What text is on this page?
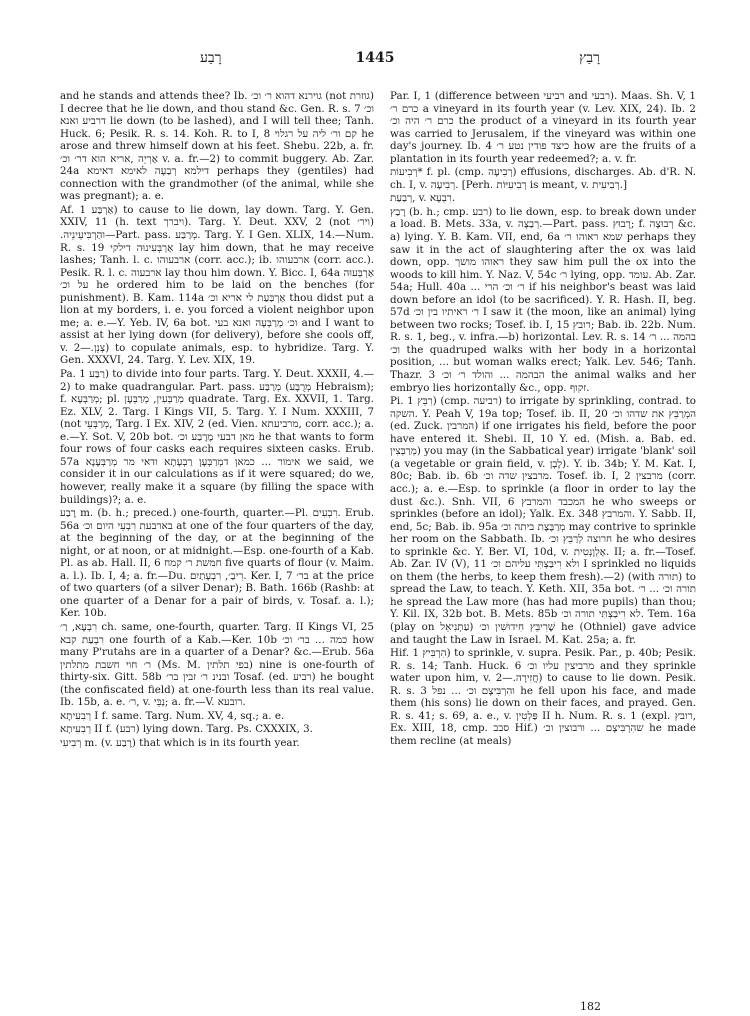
רָבַע	1445	רָבַץ

and he stands and attends thee? Ib. גוירנא דהוא ר׳ וכ׳ (not גוזרת) I decree that he lie down, and thou stand &c. Gen. R. s. 7 וכ׳ דרביע ואנא lie down (to be lashed), and I will tell thee; Tanh. Huck. 6; Pesik. R. s. 14. Koh. R. to I, 8 קם ור׳ ליה על רגלוי he arose and threw himself down at his feet. Shebu. 22b, a. fr. אַרְיֵה ,אריא הוא דר׳ וכ׳ v. a. fr.—2) to commit buggery. Ab. Zar. 24a דילמא רְבַעָה לאימא דאימא perhaps they (gentiles) had connection with the grandmother (of the animal, while she was pregnant); a. e.

Af. אַרְבַּע 1) to cause to lie down, lay down. Targ. Y. Gen. XXIV, 11 (h. text ויברך). Targ. Y. Deut. XXV, 2 (not ויר׳) .והַרְבִּיעֵינֵיה—Part. pass. מְרַבַּע. Targ. Y. I Gen. XLIX, 14.—Num. R. s. 19 אַרְבְּעִינוּה דילקי lay him down, that he may receive lashes; Tanh. l. c. ארבעוהו (corr. acc.); ib. ארבעוהו (corr. acc.). Pesik. R. l. c. ארבעוה lay thou him down. Y. Bicc. I, 64a אַרְבְּעוּה על וכ׳ he ordered him to be laid on the benches (for punishment). B. Kam. 114a אַרְבַּעַת לי אריא וכ׳ thou didst put a lion at my borders, i. e. you forced a violent neighbor upon me; a. e.—Y. Yeb. IV, 6a bot. וכ׳ מְרַבְּעָה ואנא בעי and I want to assist at her lying down (for delivery), before she cools off, v. צְנֵן.—2) to copulate animals, esp. to hybridize. Targ. Y. Gen. XXXVI, 24. Targ. Y. Lev. XIX, 19.

Pa. רַבַּע 1) to divide into four parts. Targ. Y. Deut. XXXII, 4.—2) to make quadrangular. Part. pass. מְרַבַּע (מְרֻבָּע Hebraism); f. מְרַבְּעָא; pl. מְרַבְּעִין, מְרַבְּעָן quadrate. Targ. Ex. XXVII, 1. Targ. Ez. XLV, 2. Targ. I Kings VII, 5. Targ. Y. I Num. XXXIII, 7 (not מְרַבְּעֵי, Targ. I Ex. XIV, 2 (ed. Vien. מרביעתא, corr. acc.); a. e.—Y. Sot. V, 20b bot. מאן דבעי מֶרֶבַע וכ׳ he that wants to form four rows of four casks each requires sixteen casks. Erub. 57a אימור ... כמאן דמְרַבְּעָן רַבְעָתָא ודאי מר מְרַבְּעָנָא we said, we consider it in our calculations as if it were squared; do we, however, really make it a square (by filling the space with buildings)?; a. e.

רֶבַע m. (b. h.; preced.) one-fourth, quarter.—Pl. רִבְעִים. Erub. 56a בארבעת רִבְעֵי היום וכ׳ at one of the four quarters of the day, at the beginning of the day, or at the beginning of the night, or at noon, or at midnight.—Esp. one-fourth of a Kab. Pl. as ab. Hall. II, 6 חמשת ר׳ קמח five quarts of flour (v. Maim. a. l.). Ib. I, 4; a. fr.—Du. רִיבַ׳, רִבְעָתַיִם. Ker. I, 7 בר׳ at the price of two quarters (of a silver Denar); B. Bath. 166b (Rashb: at one quarter of a Denar for a pair of birds, v. Tosaf. a. l.); Ker. 10b.

רִבְעָא, רַ׳ ch. same, one-fourth, quarter. Targ. II Kings VI, 25 רִבְעַת קבא one fourth of a Kab.—Ker. 10b כמה ... בר׳ וכ׳ how many P'rutahs are in a quarter of a Denar? &c.—Erub. 56a ר׳ חוי חשבת מתלתין (Ms. M. בפי תלתין) nine is one-fourth of thirty-six. Gitt. 58b ובנינ ר׳ זבין בר׳ Tosaf. (ed. רביע) he bought (the confiscated field) at one-fourth less than its real value. Ib. 15b, a. e. ר׳, v. נְבֵּי; a. fr.—V. רובעא.

רְבִעִיתָא I f. same. Targ. Num. XV, 4, sq.; a. e.

רְבִעִיתָא II f. (רבע) lying down. Targ. Ps. CXXXIX, 3.

רְבִיעִי m. (v. רָבַע) that which is in its fourth year.

Par. I, 1 (difference between רביעי and רבעי). Maas. Sh. V, 1 כרם ר׳ a vineyard in its fourth year (v. Lev. XIX, 24). Ib. 2 כרם ר׳ היה וכ׳ the product of a vineyard in its fourth year was carried to Jerusalem, if the vineyard was within one day's journey. Ib. 4 כיצד פודין נטע ר׳ how are the fruits of a plantation in its fourth year redeemed?; a. v. fr.

רְבִיעוֹת* f. pl. (cmp. רְבִיעָה) effusions, discharges. Ab. d'R. N. ch. I, v. רְבִיעָה. [Perh. רְבִיעִיּוֹת is meant, v. רְבִיעִית.]

רְבַעַת, v. רִבְעָא.

רָבַץ (b. h.; cmp. רבע) to lie down, esp. to break down under a load. B. Mets. 33a, v. רְבַצָה.—Part. pass. רָבוּץ; f. רְבוּצָה &c. a) lying. Y. B. Kam. VII, end, 6a שמא ראוהו ר׳ perhaps they saw it in the act of slaughtering after the ox was laid down, opp. ראוהו מושך they saw him pull the ox into the woods to kill him. Y. Naz. V, 54c ר׳ lying, opp. עומד. Ab. Zar. 54a; Hull. 40a ... ר׳ וכ׳ הרי if his neighbor's beast was laid down before an idol (to be sacrificed). Y. R. Hash. II, beg. 57d ר׳ ראיתיו בין וכ׳ I saw it (the moon, like an animal) lying between two rocks; Tosef. ib. I, 15 רובץ; Bab. ib. 22b. Num. R. s. 1, beg., v. infra.—b) horizontal. Lev. R. s. 14 בהמה ... ר׳ וכ׳ the quadruped walks with her body in a horizontal position, ... but woman walks erect; Yalk. Lev. 546; Tanh. Thazr. 3 הבהמה ... והולד ר׳ וכ׳ the animal walks and her embryo lies horizontally &c., opp. זקוף.

Pi. רִבֵּץ 1) (cmp. רביעה) to irrigate by sprinkling, contrad. to השקה. Y. Peah V, 19a top; Tosef. ib. II, 20 המְרַבֵּץ את שדהו וכ׳ (ed. Zuck. המרבין) if one irrigates his field, before the poor have entered it. Shebi. II, 10 Y. ed. (Mish. a. Bab. ed. מְרַבְּצִין) you may (in the Sabbatical year) irrigate 'blank' soil (a vegetable or grain field, v. לָבָן). Y. ib. 34b; Y. M. Kat. I, 80c; Bab. ib. 6b מרבצין שדה וכ׳. Tosef. ib. I, 2 מרבצין (corr. acc.); a. e.—Esp. to sprinkle (a floor in order to lay the dust &c.). Snh. VII, 6 המכבד והמרבץ he who sweeps or sprinkles (before an idol); Yalk. Ex. 348 והמרבץ. Y. Sabb. II, end, 5c; Bab. ib. 95a מְרַבֶּצֶת ביתה וכ׳ may contrive to sprinkle her room on the Sabbath. Ib. חרוצה לְרַבֵּץ וכ׳ he who desires to sprinkle &c. Y. Ber. VI, 10d, v. אַלְוָנְטִית. II; a. fr.—Tosef. Ab. Zar. IV (V), 11 ולא רִיבַּצְתִּי עליהם וכ׳ I sprinkled no liquids on them (the herbs, to keep them fresh).—2) (with תורה) to spread the Law, to teach. Y. Keth. XII, 35a bot. תורה וכ׳ ... ר׳ he spread the Law more (has had more pupils) than thou; Y. Kil. IX, 32b bot. B. Mets. 85b לא רִיבַּצְתִּי תורה וכ׳. Tem. 16a (play on עַתְנִיאֵל) שֶׁרִיבֵּץ חִידוּשִׁין וכ׳ he (Othniel) gave advice and taught the Law in Israel. M. Kat. 25a; a. fr.

Hif. הִרְבִּיץ 1) to sprinkle, v. supra. Pesik. Par., p. 40b; Pesik. R. s. 14; Tanh. Huck. 6 מרביצין עליו וכ׳ and they sprinkle water upon him, v. חֲזִירָה.—2) to cause to lie down. Pesik. R. s. 3 והִרְבִּיצָם וכ׳ ... נפל he fell upon his face, and made them (his sons) lie down on their faces, and prayed. Gen. R. s. 41; s. 69, a. e., v. פַּלְטִין II h. Num. R. s. 1 (expl. רובץ, Ex. XIII, 18, cmp. סבב Hif.) שהִרְבִּיצָם ... ורבוצין וכ׳ he made them recline (at meals)

182
